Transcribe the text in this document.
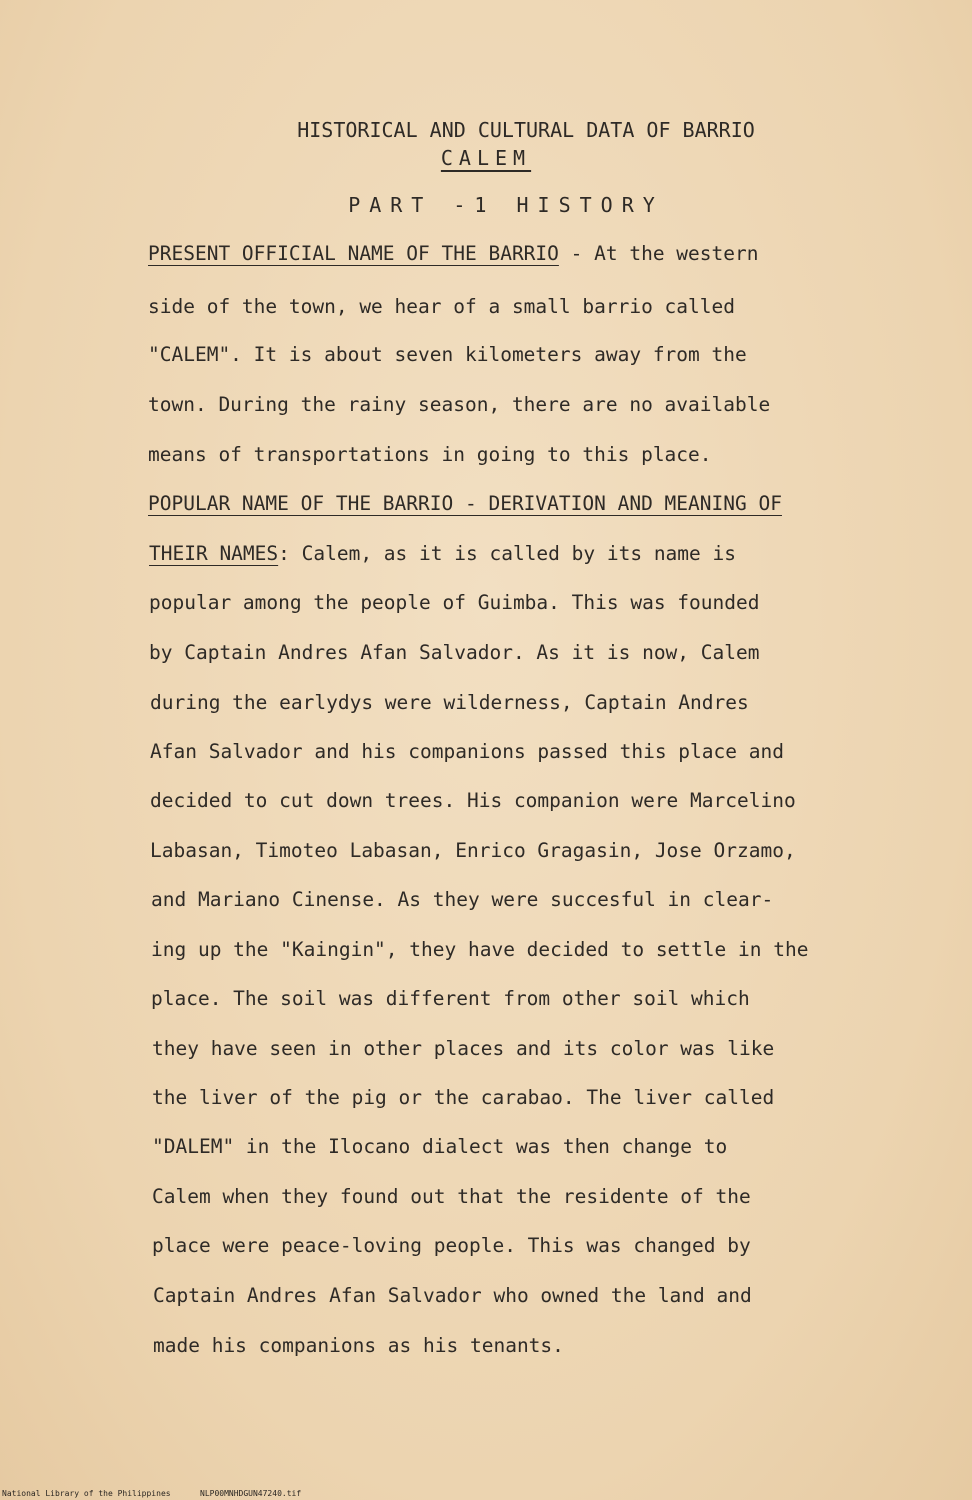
HISTORICAL AND CULTURAL DATA OF BARRIO
CALEM
PART -1 HISTORY
PRESENT OFFICIAL NAME OF THE BARRIO - At the western
side of the town, we hear of a small barrio called
"CALEM". It is about seven kilometers away from the
town. During the rainy season, there are no available
means of transportations in going to this place.
POPULAR NAME OF THE BARRIO - DERIVATION AND MEANING OF
THEIR NAMES: Calem, as it is called by its name is
popular among the people of Guimba. This was founded
by Captain Andres Afan Salvador. As it is now, Calem
during the earlydys were wilderness, Captain Andres
Afan Salvador and his companions passed this place and
decided to cut down trees. His companion were Marcelino
Labasan, Timoteo Labasan, Enrico Gragasin, Jose Orzamo,
and Mariano Cinense. As they were succesful in clear-
ing up the "Kaingin", they have decided to settle in the
place. The soil was different from other soil which
they have seen in other places and its color was like
the liver of the pig or the carabao. The liver called
"DALEM" in the Ilocano dialect was then change to
Calem when they found out that the residente of the
place were peace-loving people. This was changed by
Captain Andres Afan Salvador who owned the land and
made his companions as his tenants.
National Library of the Philippines	NLP00MNHDGUN47240.tif
